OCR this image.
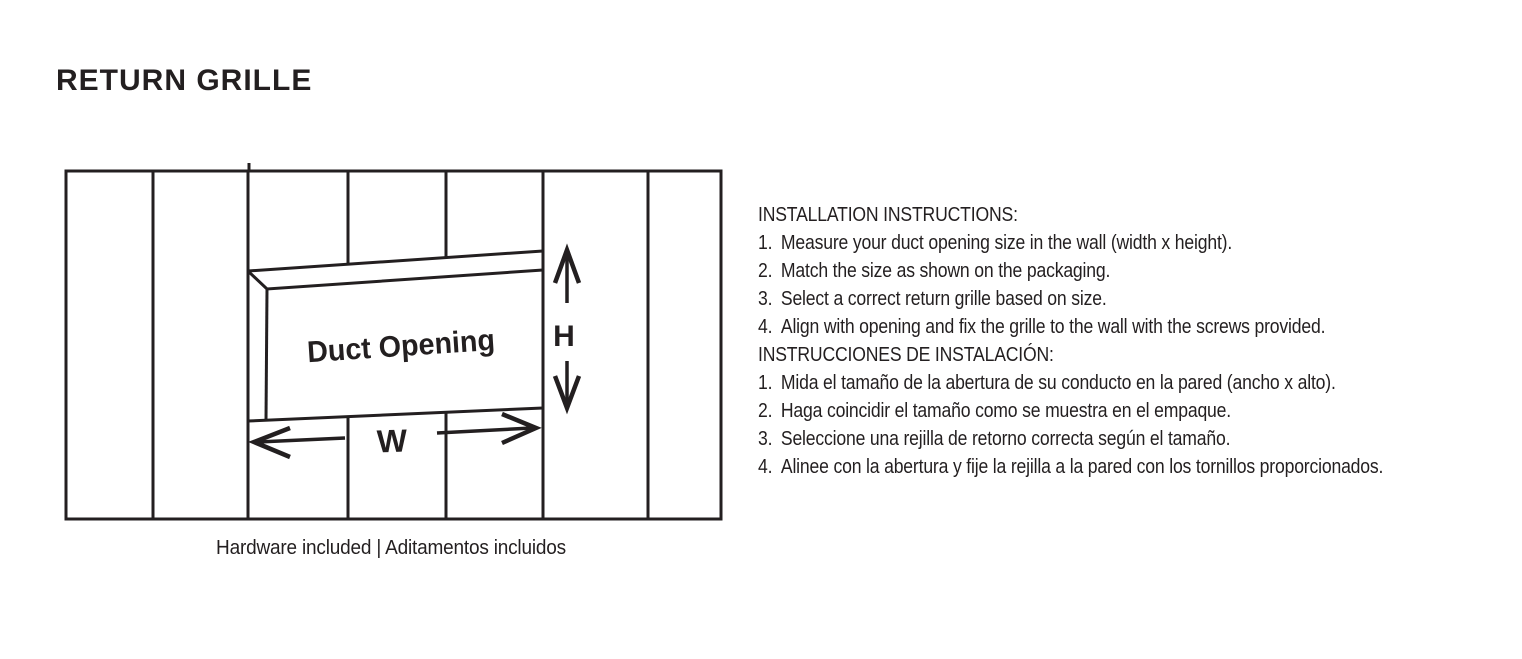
RETURN GRILLE
Duct Opening
W
H
Hardware included | Aditamentos incluidos
INSTALLATION INSTRUCTIONS:
1. Measure your duct opening size in the wall (width x height).
2. Match the size as shown on the packaging.
3. Select a correct return grille based on size.
4. Align with opening and fix the grille to the wall with the screws provided.
INSTRUCCIONES DE INSTALACIÓN:
1. Mida el tamaño de la abertura de su conducto en la pared (ancho x alto).
2. Haga coincidir el tamaño como se muestra en el empaque.
3. Seleccione una rejilla de retorno correcta según el tamaño.
4. Alinee con la abertura y fije la rejilla a la pared con los tornillos proporcionados.
